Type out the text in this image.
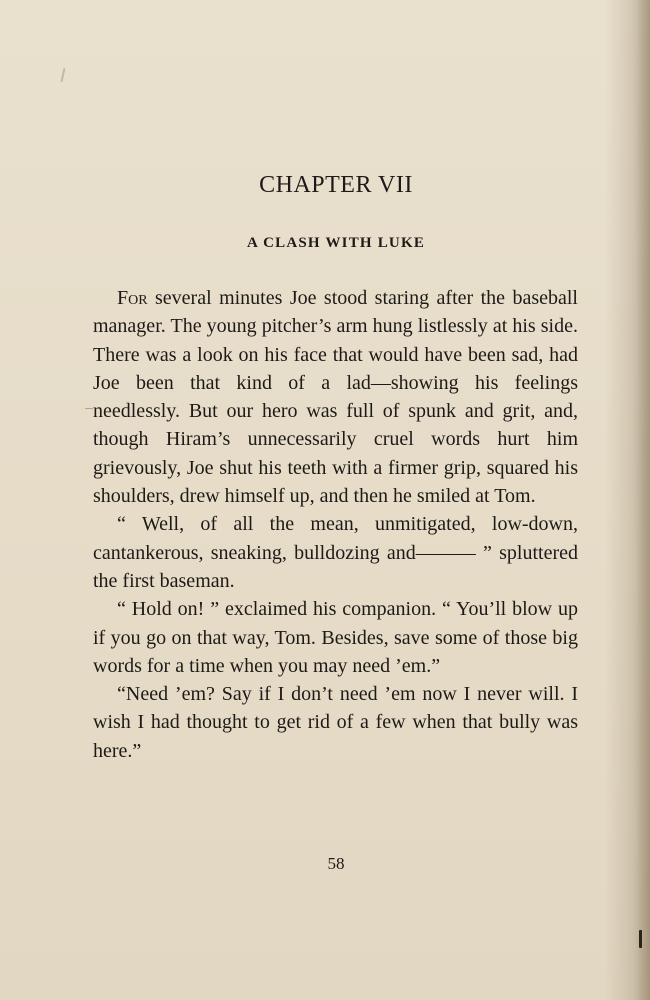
CHAPTER VII
A CLASH WITH LUKE

For several minutes Joe stood staring after the baseball manager. The young pitcher’s arm hung listlessly at his side. There was a look on his face that would have been sad, had Joe been that kind of a lad—showing his feelings needlessly. But our hero was full of spunk and grit, and, though Hiram’s unnecessarily cruel words hurt him grievously, Joe shut his teeth with a firmer grip, squared his shoulders, drew himself up, and then he smiled at Tom.

“ Well, of all the mean, unmitigated, low-down, cantankerous, sneaking, bulldozing and——— ” spluttered the first baseman.

“ Hold on! ” exclaimed his companion. “ You’ll blow up if you go on that way, Tom. Besides, save some of those big words for a time when you may need ’em.”

“Need ’em? Say if I don’t need ’em now I never will. I wish I had thought to get rid of a few when that bully was here.”

58
